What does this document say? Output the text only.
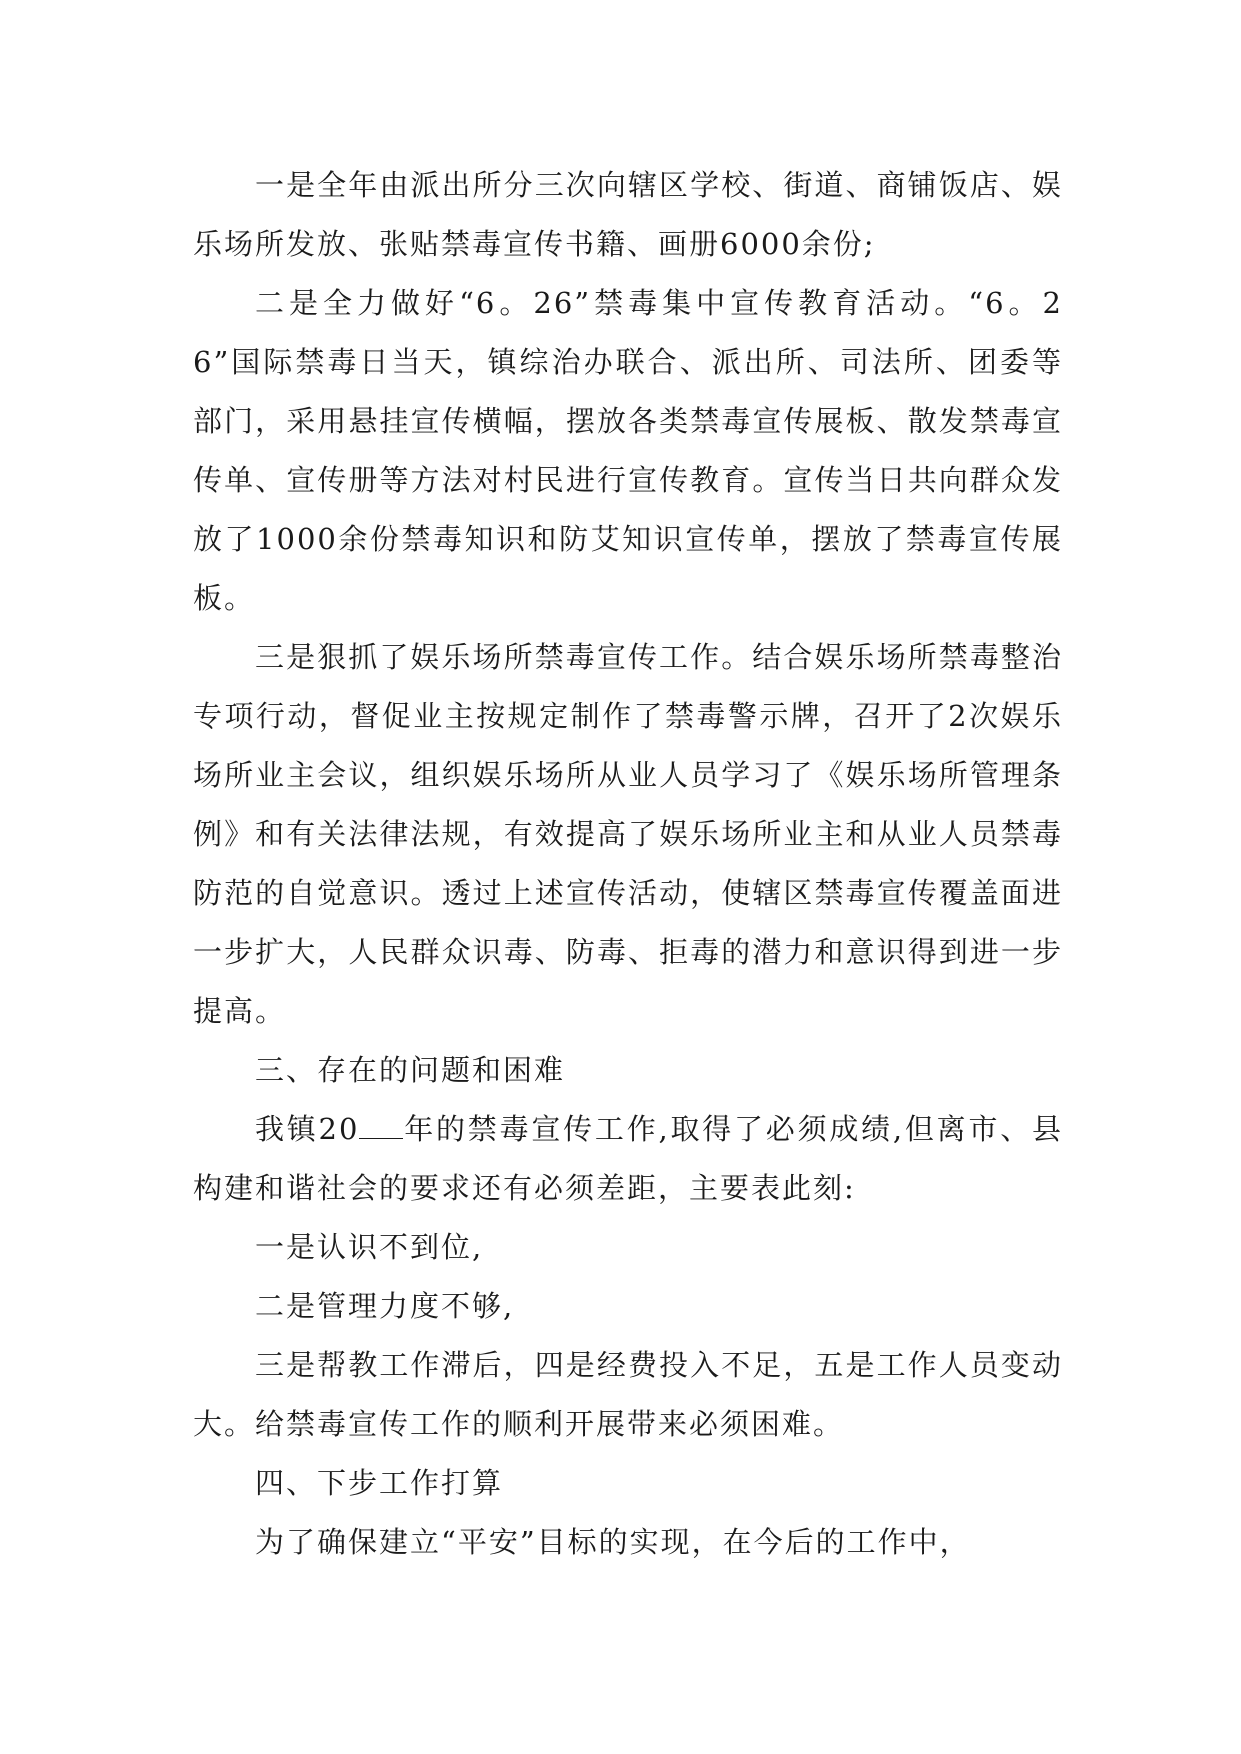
一是全年由派出所分三次向辖区学校、街道、商铺饭店、娱乐场所发放、张贴禁毒宣传书籍、画册6000余份;

二是全力做好“6。26”禁毒集中宣传教育活动。“6。26”国际禁毒日当天，镇综治办联合、派出所、司法所、团委等部门，采用悬挂宣传横幅，摆放各类禁毒宣传展板、散发禁毒宣传单、宣传册等方法对村民进行宣传教育。宣传当日共向群众发放了1000余份禁毒知识和防艾知识宣传单，摆放了禁毒宣传展板。

三是狠抓了娱乐场所禁毒宣传工作。结合娱乐场所禁毒整治专项行动，督促业主按规定制作了禁毒警示牌，召开了2次娱乐场所业主会议，组织娱乐场所从业人员学习了《娱乐场所管理条例》和有关法律法规，有效提高了娱乐场所业主和从业人员禁毒防范的自觉意识。透过上述宣传活动，使辖区禁毒宣传覆盖面进一步扩大，人民群众识毒、防毒、拒毒的潜力和意识得到进一步提高。

三、存在的问题和困难

我镇20 年的禁毒宣传工作,取得了必须成绩,但离市、县构建和谐社会的要求还有必须差距，主要表此刻:

一是认识不到位,

二是管理力度不够,

三是帮教工作滞后，四是经费投入不足，五是工作人员变动大。给禁毒宣传工作的顺利开展带来必须困难。

四、下步工作打算

为了确保建立“平安”目标的实现，在今后的工作中，
